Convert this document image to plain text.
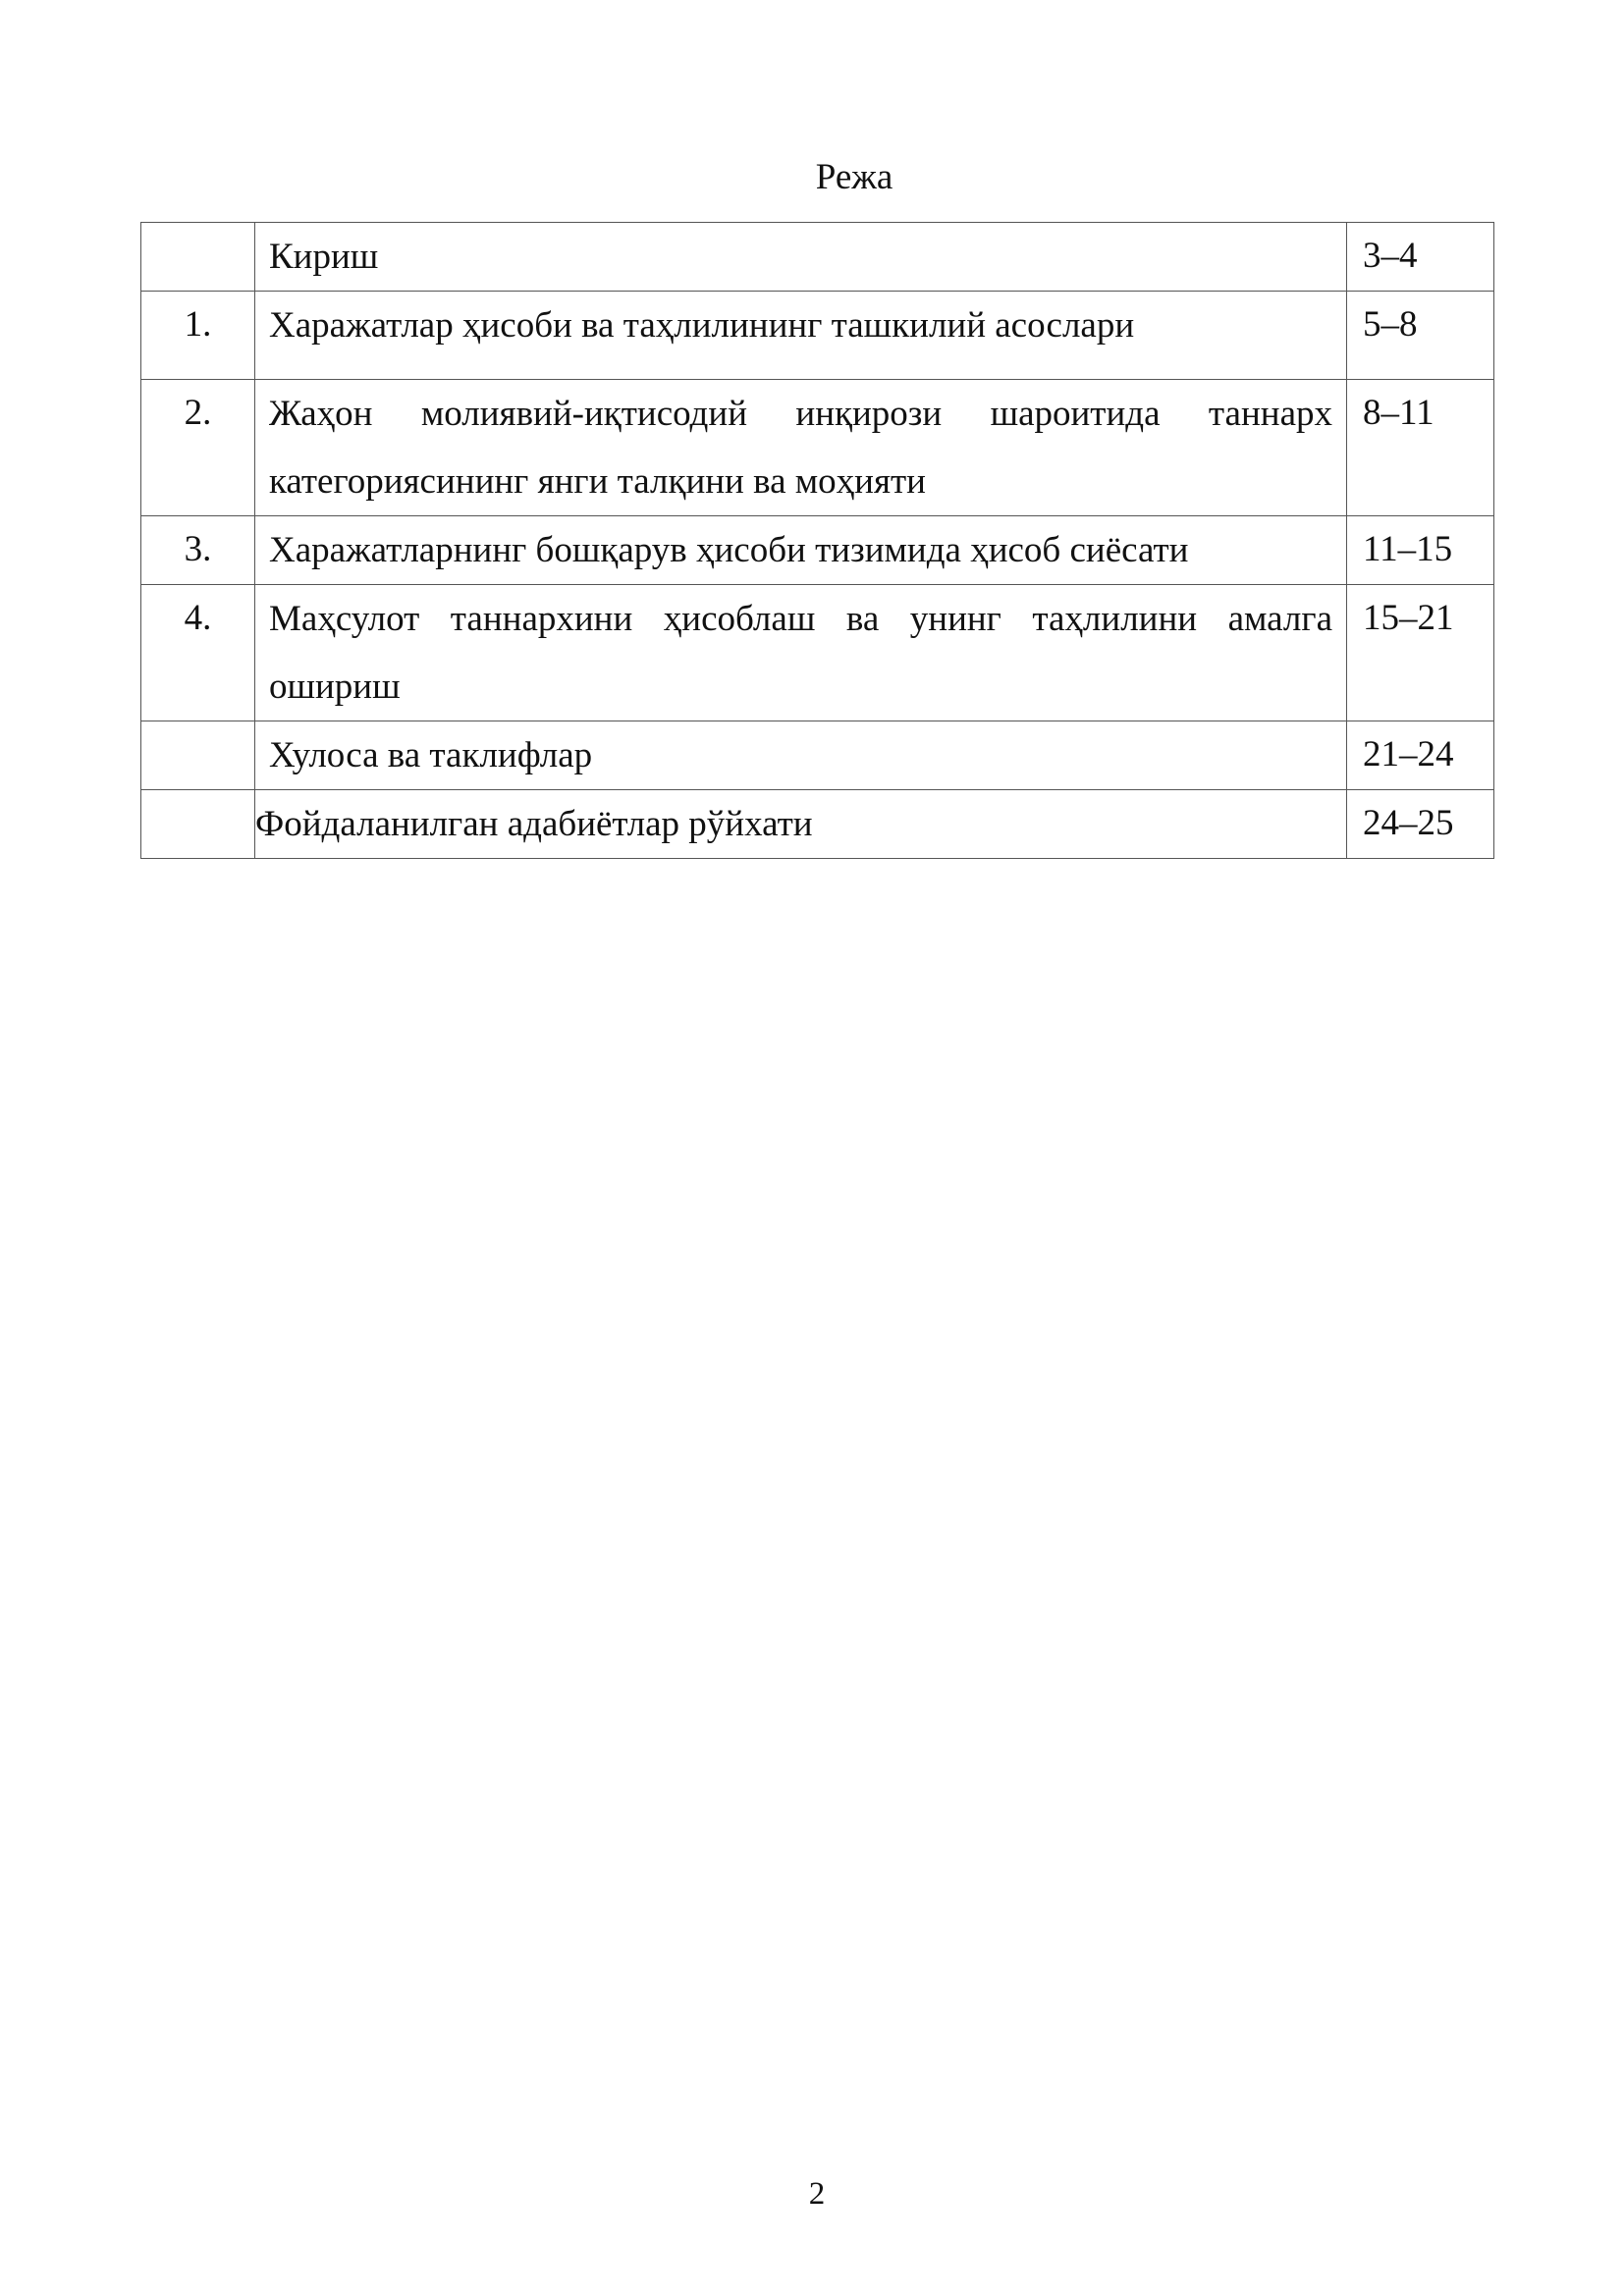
Режа

	Кириш	3–4

1.	Харажатлар ҳисоби ва таҳлилининг ташкилий асослари	5–8

2.	Жаҳон молиявий-иқтисодий инқирози шароитида таннарх категориясининг янги талқини ва моҳияти	8–11

3.	Харажатларнинг бошқарув ҳисоби тизимида ҳисоб сиёсати	11–15

4.	Маҳсулот таннархини ҳисоблаш ва унинг таҳлилини амалга ошириш	15–21

	Хулоса ва таклифлар	21–24

	Фойдаланилган адабиётлар рўйхати	24–25
2
